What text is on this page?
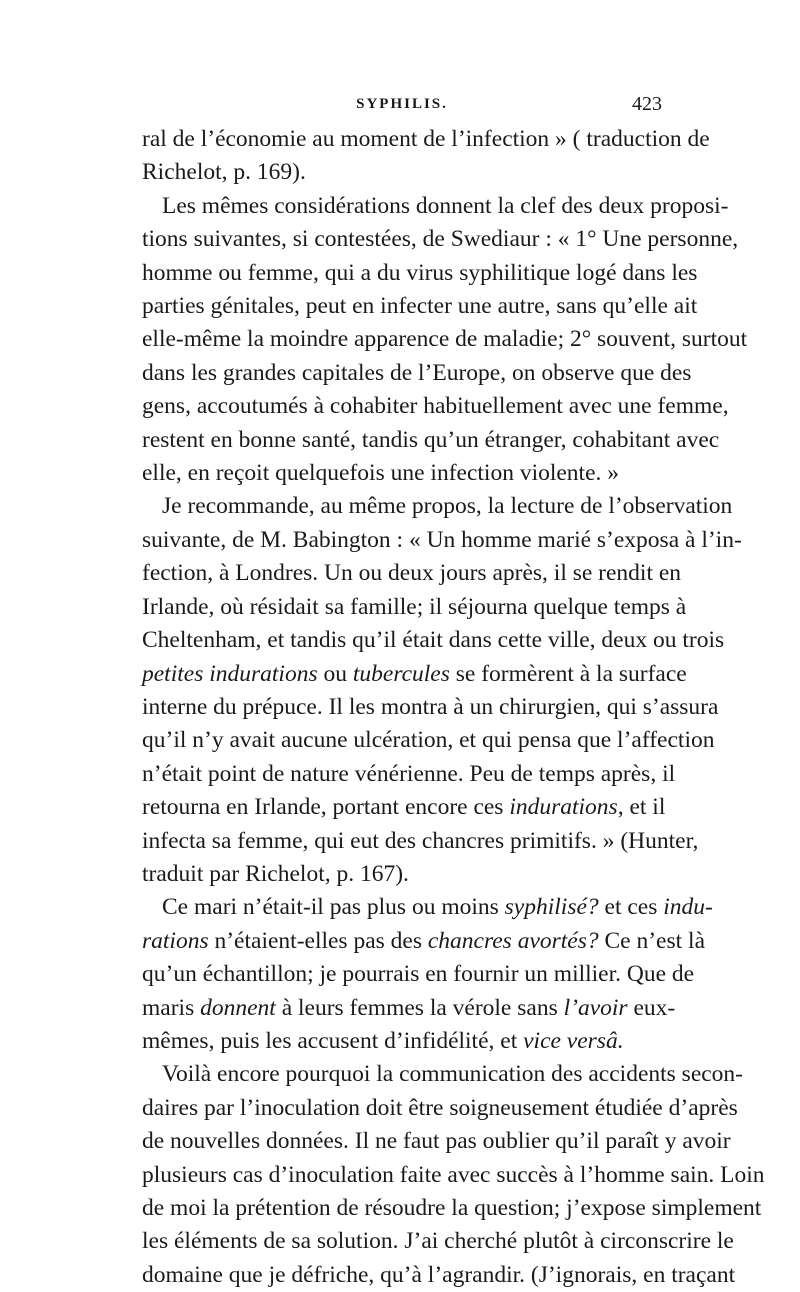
SYPHILIS.	423
ral de l’économie au moment de l’infection » ( traduction de
Richelot, p. 169).
Les mêmes considérations donnent la clef des deux proposi-
tions suivantes, si contestées, de Swediaur : « 1° Une personne,
homme ou femme, qui a du virus syphilitique logé dans les
parties génitales, peut en infecter une autre, sans qu’elle ait
elle-même la moindre apparence de maladie; 2° souvent, surtout
dans les grandes capitales de l’Europe, on observe que des
gens, accoutumés à cohabiter habituellement avec une femme,
restent en bonne santé, tandis qu’un étranger, cohabitant avec
elle, en reçoit quelquefois une infection violente. »
Je recommande, au même propos, la lecture de l’observation
suivante, de M. Babington : « Un homme marié s’exposa à l’in-
fection, à Londres. Un ou deux jours après, il se rendit en
Irlande, où résidait sa famille; il séjourna quelque temps à
Cheltenham, et tandis qu’il était dans cette ville, deux ou trois
petites indurations ou tubercules se formèrent à la surface
interne du prépuce. Il les montra à un chirurgien, qui s’assura
qu’il n’y avait aucune ulcération, et qui pensa que l’affection
n’était point de nature vénérienne. Peu de temps après, il
retourna en Irlande, portant encore ces indurations, et il
infecta sa femme, qui eut des chancres primitifs. » (Hunter,
traduit par Richelot, p. 167).
Ce mari n’était-il pas plus ou moins syphilisé? et ces indu-
rations n’étaient-elles pas des chancres avortés? Ce n’est là
qu’un échantillon; je pourrais en fournir un millier. Que de
maris donnent à leurs femmes la vérole sans l’avoir eux-
mêmes, puis les accusent d’infidélité, et vice versâ.
Voilà encore pourquoi la communication des accidents secon-
daires par l’inoculation doit être soigneusement étudiée d’après
de nouvelles données. Il ne faut pas oublier qu’il paraît y avoir
plusieurs cas d’inoculation faite avec succès à l’homme sain. Loin
de moi la prétention de résoudre la question; j’expose simplement
les éléments de sa solution. J’ai cherché plutôt à circonscrire le
domaine que je défriche, qu’à l’agrandir. (J’ignorais, en traçant
